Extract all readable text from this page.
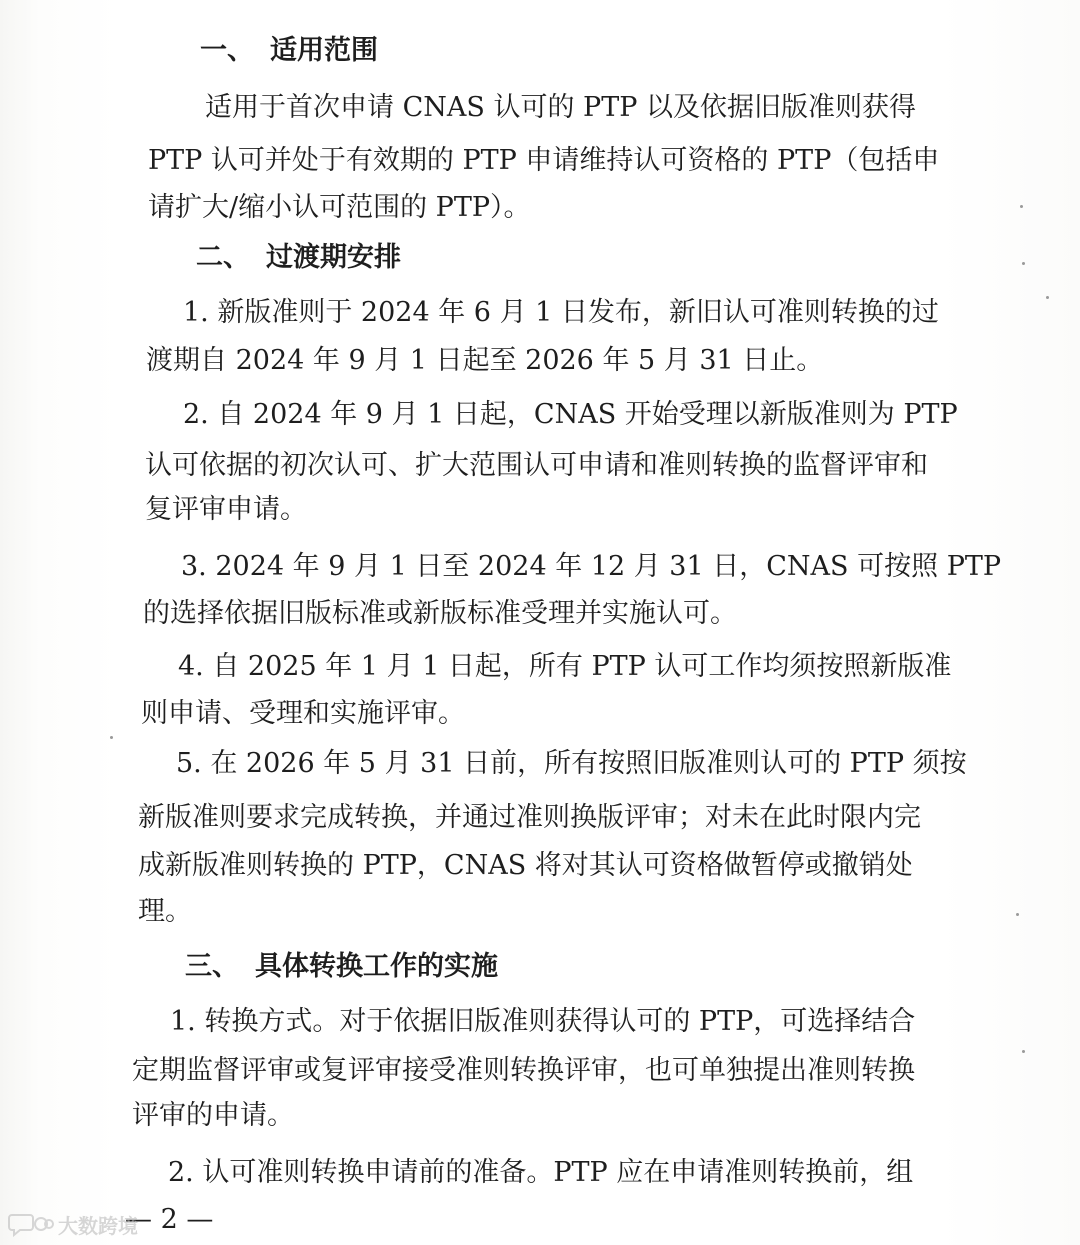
一、 适用范围
适用于首次申请 CNAS 认可的 PTP 以及依据旧版准则获得
PTP 认可并处于有效期的 PTP 申请维持认可资格的 PTP（包括申
请扩大/缩小认可范围的 PTP）。
二、 过渡期安排
1. 新版准则于 2024 年 6 月 1 日发布，新旧认可准则转换的过
渡期自 2024 年 9 月 1 日起至 2026 年 5 月 31 日止。
2. 自 2024 年 9 月 1 日起，CNAS 开始受理以新版准则为 PTP
认可依据的初次认可、扩大范围认可申请和准则转换的监督评审和
复评审申请。
3. 2024 年 9 月 1 日至 2024 年 12 月 31 日，CNAS 可按照 PTP
的选择依据旧版标准或新版标准受理并实施认可。
4. 自 2025 年 1 月 1 日起，所有 PTP 认可工作均须按照新版准
则申请、受理和实施评审。
5. 在 2026 年 5 月 31 日前，所有按照旧版准则认可的 PTP 须按
新版准则要求完成转换，并通过准则换版评审；对未在此时限内完
成新版准则转换的 PTP，CNAS 将对其认可资格做暂停或撤销处
理。
三、 具体转换工作的实施
1. 转换方式。对于依据旧版准则获得认可的 PTP，可选择结合
定期监督评审或复评审接受准则转换评审，也可单独提出准则转换
评审的申请。
2. 认可准则转换申请前的准备。PTP 应在申请准则转换前，组
— 2 —
大数跨境
